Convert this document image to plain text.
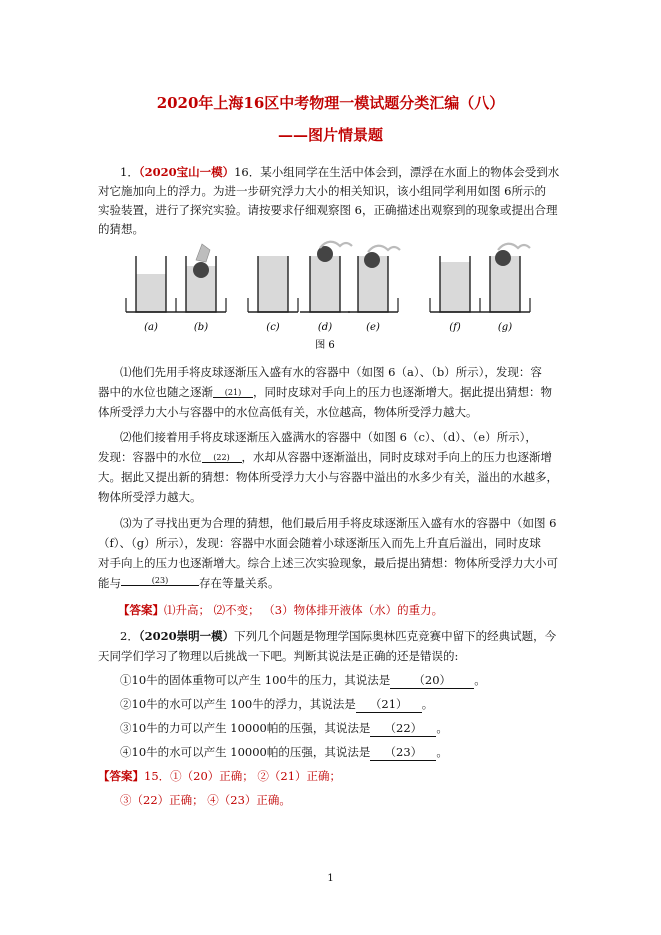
2020年上海16区中考物理一模试题分类汇编（八）
——图片情景题
1．（2020宝山一模）16．某小组同学在生活中体会到，漂浮在水面上的物体会受到水
对它施加向上的浮力。为进一步研究浮力大小的相关知识，该小组同学利用如图 6所示的
实验装置，进行了探究实验。请按要求仔细观察图 6，正确描述出观察到的现象或提出合理
的猜想。
(a)	(b)	(c)	(d)	(e)	(f)	(g)
图 6
⑴他们先用手将皮球逐渐压入盛有水的容器中（如图 6（a）、（b）所示），发现：容
器中的水位也随之逐渐 (21) ，同时皮球对手向上的压力也逐渐增大。据此提出猜想：物
体所受浮力大小与容器中的水位高低有关，水位越高，物体所受浮力越大。
⑵他们接着用手将皮球逐渐压入盛满水的容器中（如图 6（c）、（d）、（e）所示），
发现：容器中的水位 (22) ，水却从容器中逐渐溢出，同时皮球对手向上的压力也逐渐增
大。据此又提出新的猜想：物体所受浮力大小与容器中溢出的水多少有关，溢出的水越多，
物体所受浮力越大。
⑶为了寻找出更为合理的猜想，他们最后用手将皮球逐渐压入盛有水的容器中（如图 6
（f）、（g）所示），发现：容器中水面会随着小球逐渐压入而先上升直后溢出，同时皮球
对手向上的压力也逐渐增大。综合上述三次实验现象，最后提出猜想：物体所受浮力大小可
能与	(23)	存在等量关系。
【答案】⑴升高； ⑵不变； （3）物体排开液体（水）的重力。
2．（2020崇明一模）下列几个问题是物理学国际奥林匹克竞赛中留下的经典试题，今
天同学们学习了物理以后挑战一下吧。判断其说法是正确的还是错误的:
①10牛的固体重物可以产生 100牛的压力，其说法是 （20） 。
②10牛的水可以产生 100牛的浮力，其说法是 （21） 。
③10牛的力可以产生 10000帕的压强，其说法是 （22） 。
④10牛的水可以产生 10000帕的压强，其说法是 （23） 。
【答案】15．①（20）正确； ②（21）正确；
③（22）正确； ④（23）正确。
1
